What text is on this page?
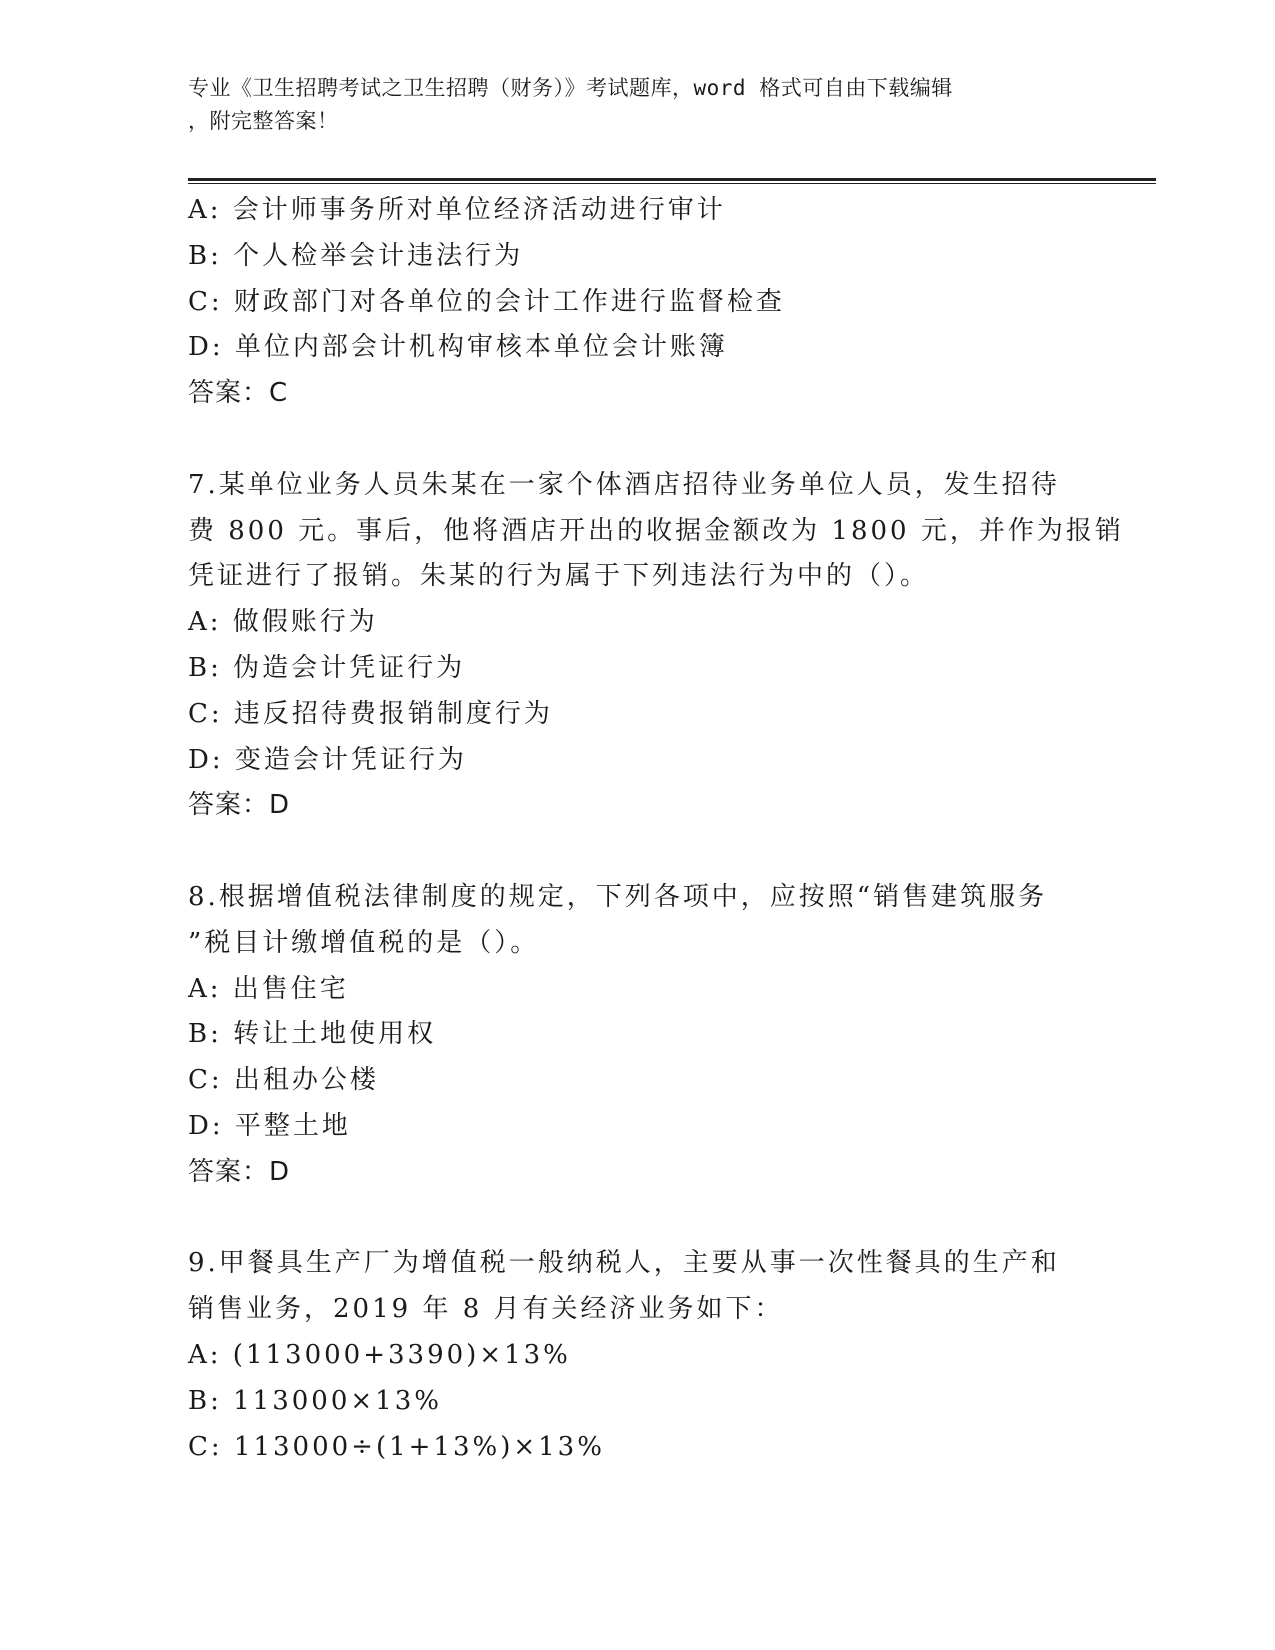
专业《卫生招聘考试之卫生招聘（财务）》考试题库，word 格式可自由下载编辑
，附完整答案！
A: 会计师事务所对单位经济活动进行审计
B: 个人检举会计违法行为
C: 财政部门对各单位的会计工作进行监督检查
D: 单位内部会计机构审核本单位会计账簿
答案：C
7.某单位业务人员朱某在一家个体酒店招待业务单位人员，发生招待
费 800 元。事后，他将酒店开出的收据金额改为 1800 元，并作为报销
凭证进行了报销。朱某的行为属于下列违法行为中的（）。
A: 做假账行为
B: 伪造会计凭证行为
C: 违反招待费报销制度行为
D: 变造会计凭证行为
答案：D
8.根据增值税法律制度的规定，下列各项中，应按照“销售建筑服务
”税目计缴增值税的是（）。
A: 出售住宅
B: 转让土地使用权
C: 出租办公楼
D: 平整土地
答案：D
9.甲餐具生产厂为增值税一般纳税人，主要从事一次性餐具的生产和
销售业务，2019 年 8 月有关经济业务如下：
A: (113000+3390)×13%
B: 113000×13%
C: 113000÷(1+13%)×13%
